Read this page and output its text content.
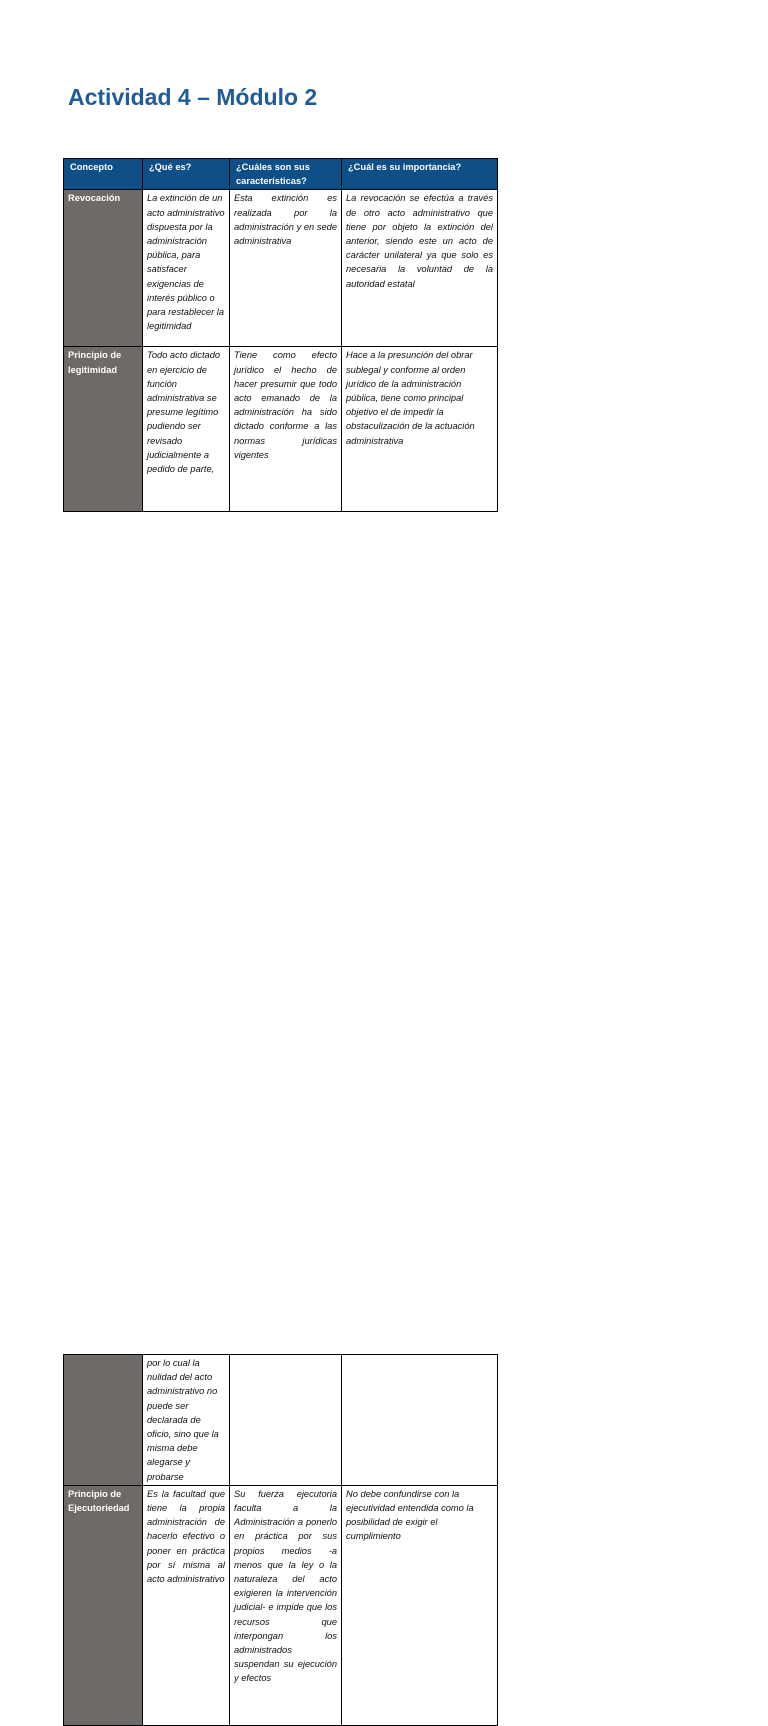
Actividad 4 – Módulo 2
Concepto	¿Qué es?	¿Cuáles son sus características?	¿Cuál es su importancia?
Revocación	La extinción de un acto administrativo dispuesta por la administración pública, para satisfacer exigencias de interés público o para restablecer la legitimidad	Esta extinción es realizada por la administración y en sede administrativa	La revocación se efectúa a través de otro acto administrativo que tiene por objeto la extinción del anterior, siendo este un acto de carácter unilateral ya que solo es necesaria la voluntad de la autoridad estatal
Principio de legitimidad	Todo acto dictado en ejercicio de función administrativa se presume legítimo pudiendo ser revisado judicialmente a pedido de parte,	Tiene como efecto jurídico el hecho de hacer presumir que todo acto emanado de la administración ha sido dictado conforme a las normas jurídicas vigentes	Hace a la presunción del obrar sublegal y conforme al orden jurídico de la administración pública, tiene como principal objetivo el de impedir la obstaculización de la actuación administrativa
	por lo cual la nulidad del acto administrativo no puede ser declarada de oficio, sino que la misma debe alegarse y probarse		
Principio de Ejecutoriedad	Es la facultad que tiene la propia administración de hacerlo efectivo o poner en práctica por sí misma al acto administrativo	Su fuerza ejecutoria faculta a la Administración a ponerlo en práctica por sus propios medios -a menos que la ley o la naturaleza del acto exigieren la intervención judicial- e impide que los recursos que interpongan los administrados suspendan su ejecución y efectos	No debe confundirse con la ejecutividad entendida como la posibilidad de exigir el cumplimiento
